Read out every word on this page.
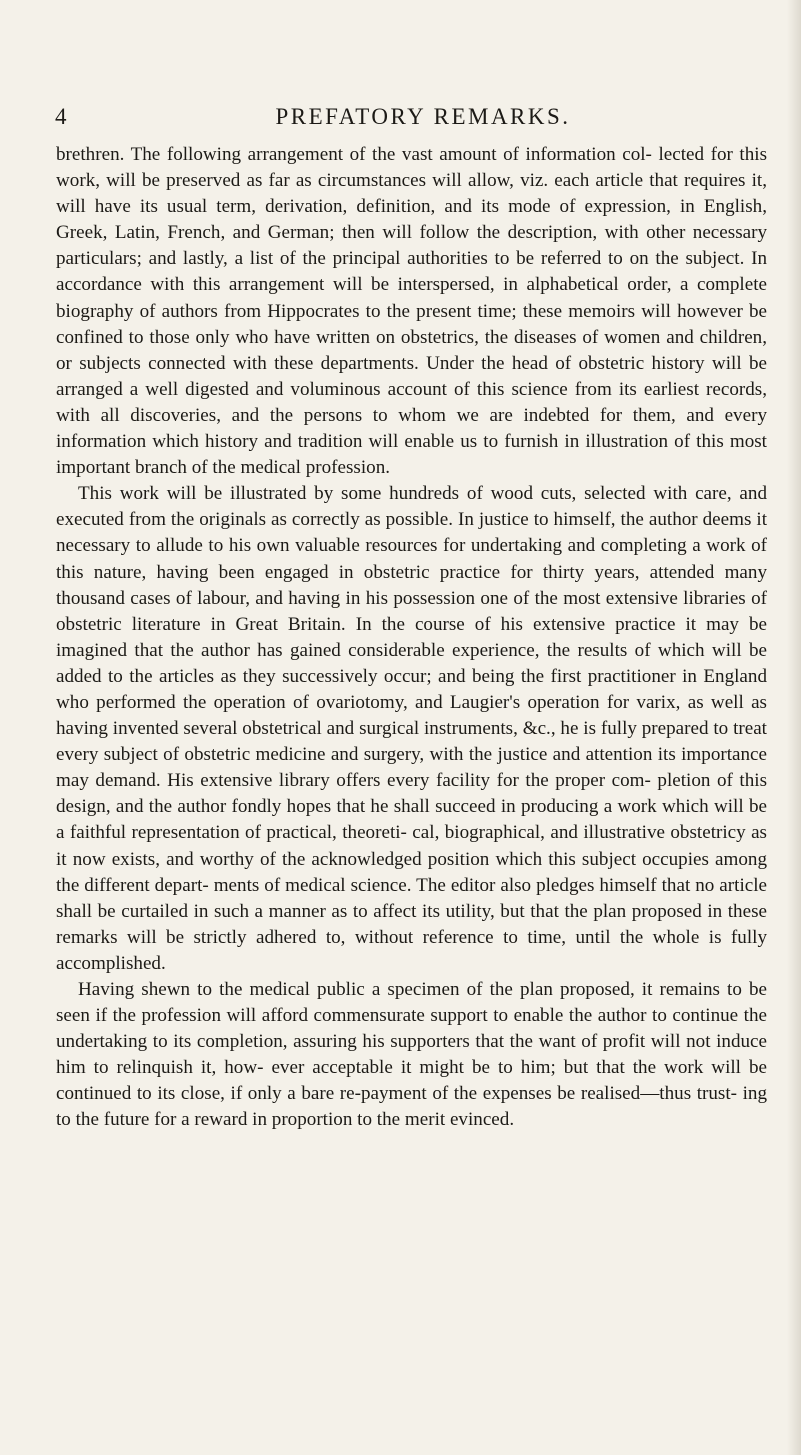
4	PREFATORY REMARKS.

brethren. The following arrangement of the vast amount of information col- lected for this work, will be preserved as far as circumstances will allow, viz. each article that requires it, will have its usual term, derivation, definition, and its mode of expression, in English, Greek, Latin, French, and German; then will follow the description, with other necessary particulars; and lastly, a list of the principal authorities to be referred to on the subject. In accordance with this arrangement will be interspersed, in alphabetical order, a complete biography of authors from Hippocrates to the present time; these memoirs will however be confined to those only who have written on obstetrics, the diseases of women and children, or subjects connected with these departments. Under the head of obstetric history will be arranged a well digested and voluminous account of this science from its earliest records, with all discoveries, and the persons to whom we are indebted for them, and every information which history and tradition will enable us to furnish in illustration of this most important branch of the medical profession.

This work will be illustrated by some hundreds of wood cuts, selected with care, and executed from the originals as correctly as possible. In justice to himself, the author deems it necessary to allude to his own valuable resources for undertaking and completing a work of this nature, having been engaged in obstetric practice for thirty years, attended many thousand cases of labour, and having in his possession one of the most extensive libraries of obstetric literature in Great Britain. In the course of his extensive practice it may be imagined that the author has gained considerable experience, the results of which will be added to the articles as they successively occur; and being the first practitioner in England who performed the operation of ovariotomy, and Laugier's operation for varix, as well as having invented several obstetrical and surgical instruments, &c., he is fully prepared to treat every subject of obstetric medicine and surgery, with the justice and attention its importance may demand. His extensive library offers every facility for the proper com- pletion of this design, and the author fondly hopes that he shall succeed in producing a work which will be a faithful representation of practical, theoreti- cal, biographical, and illustrative obstetricy as it now exists, and worthy of the acknowledged position which this subject occupies among the different depart- ments of medical science. The editor also pledges himself that no article shall be curtailed in such a manner as to affect its utility, but that the plan proposed in these remarks will be strictly adhered to, without reference to time, until the whole is fully accomplished.

Having shewn to the medical public a specimen of the plan proposed, it remains to be seen if the profession will afford commensurate support to enable the author to continue the undertaking to its completion, assuring his supporters that the want of profit will not induce him to relinquish it, how- ever acceptable it might be to him; but that the work will be continued to its close, if only a bare re-payment of the expenses be realised—thus trust- ing to the future for a reward in proportion to the merit evinced.
